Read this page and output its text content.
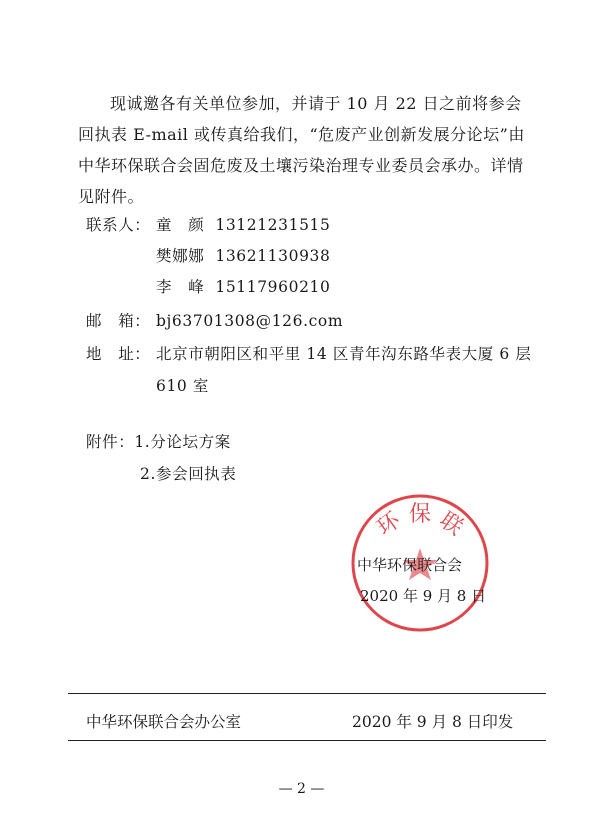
现诚邀各有关单位参加，并请于 10 月 22 日之前将参会回执表 E-mail 或传真给我们，“危废产业创新发展分论坛”由中华环保联合会固危废及土壤污染治理专业委员会承办。详情见附件。

联系人： 童　颜 13121231515
樊娜娜 13621130938
李　峰 15117960210
邮　箱： bj63701308@126.com
地　址： 北京市朝阳区和平里 14 区青年沟东路华表大厦 6 层
610 室
附件：1.分论坛方案
2.参会回执表
环 保 联
中华环保联合会
2020 年 9 月 8 日
中华环保联合会办公室	2020 年 9 月 8 日印发
— 2 —
